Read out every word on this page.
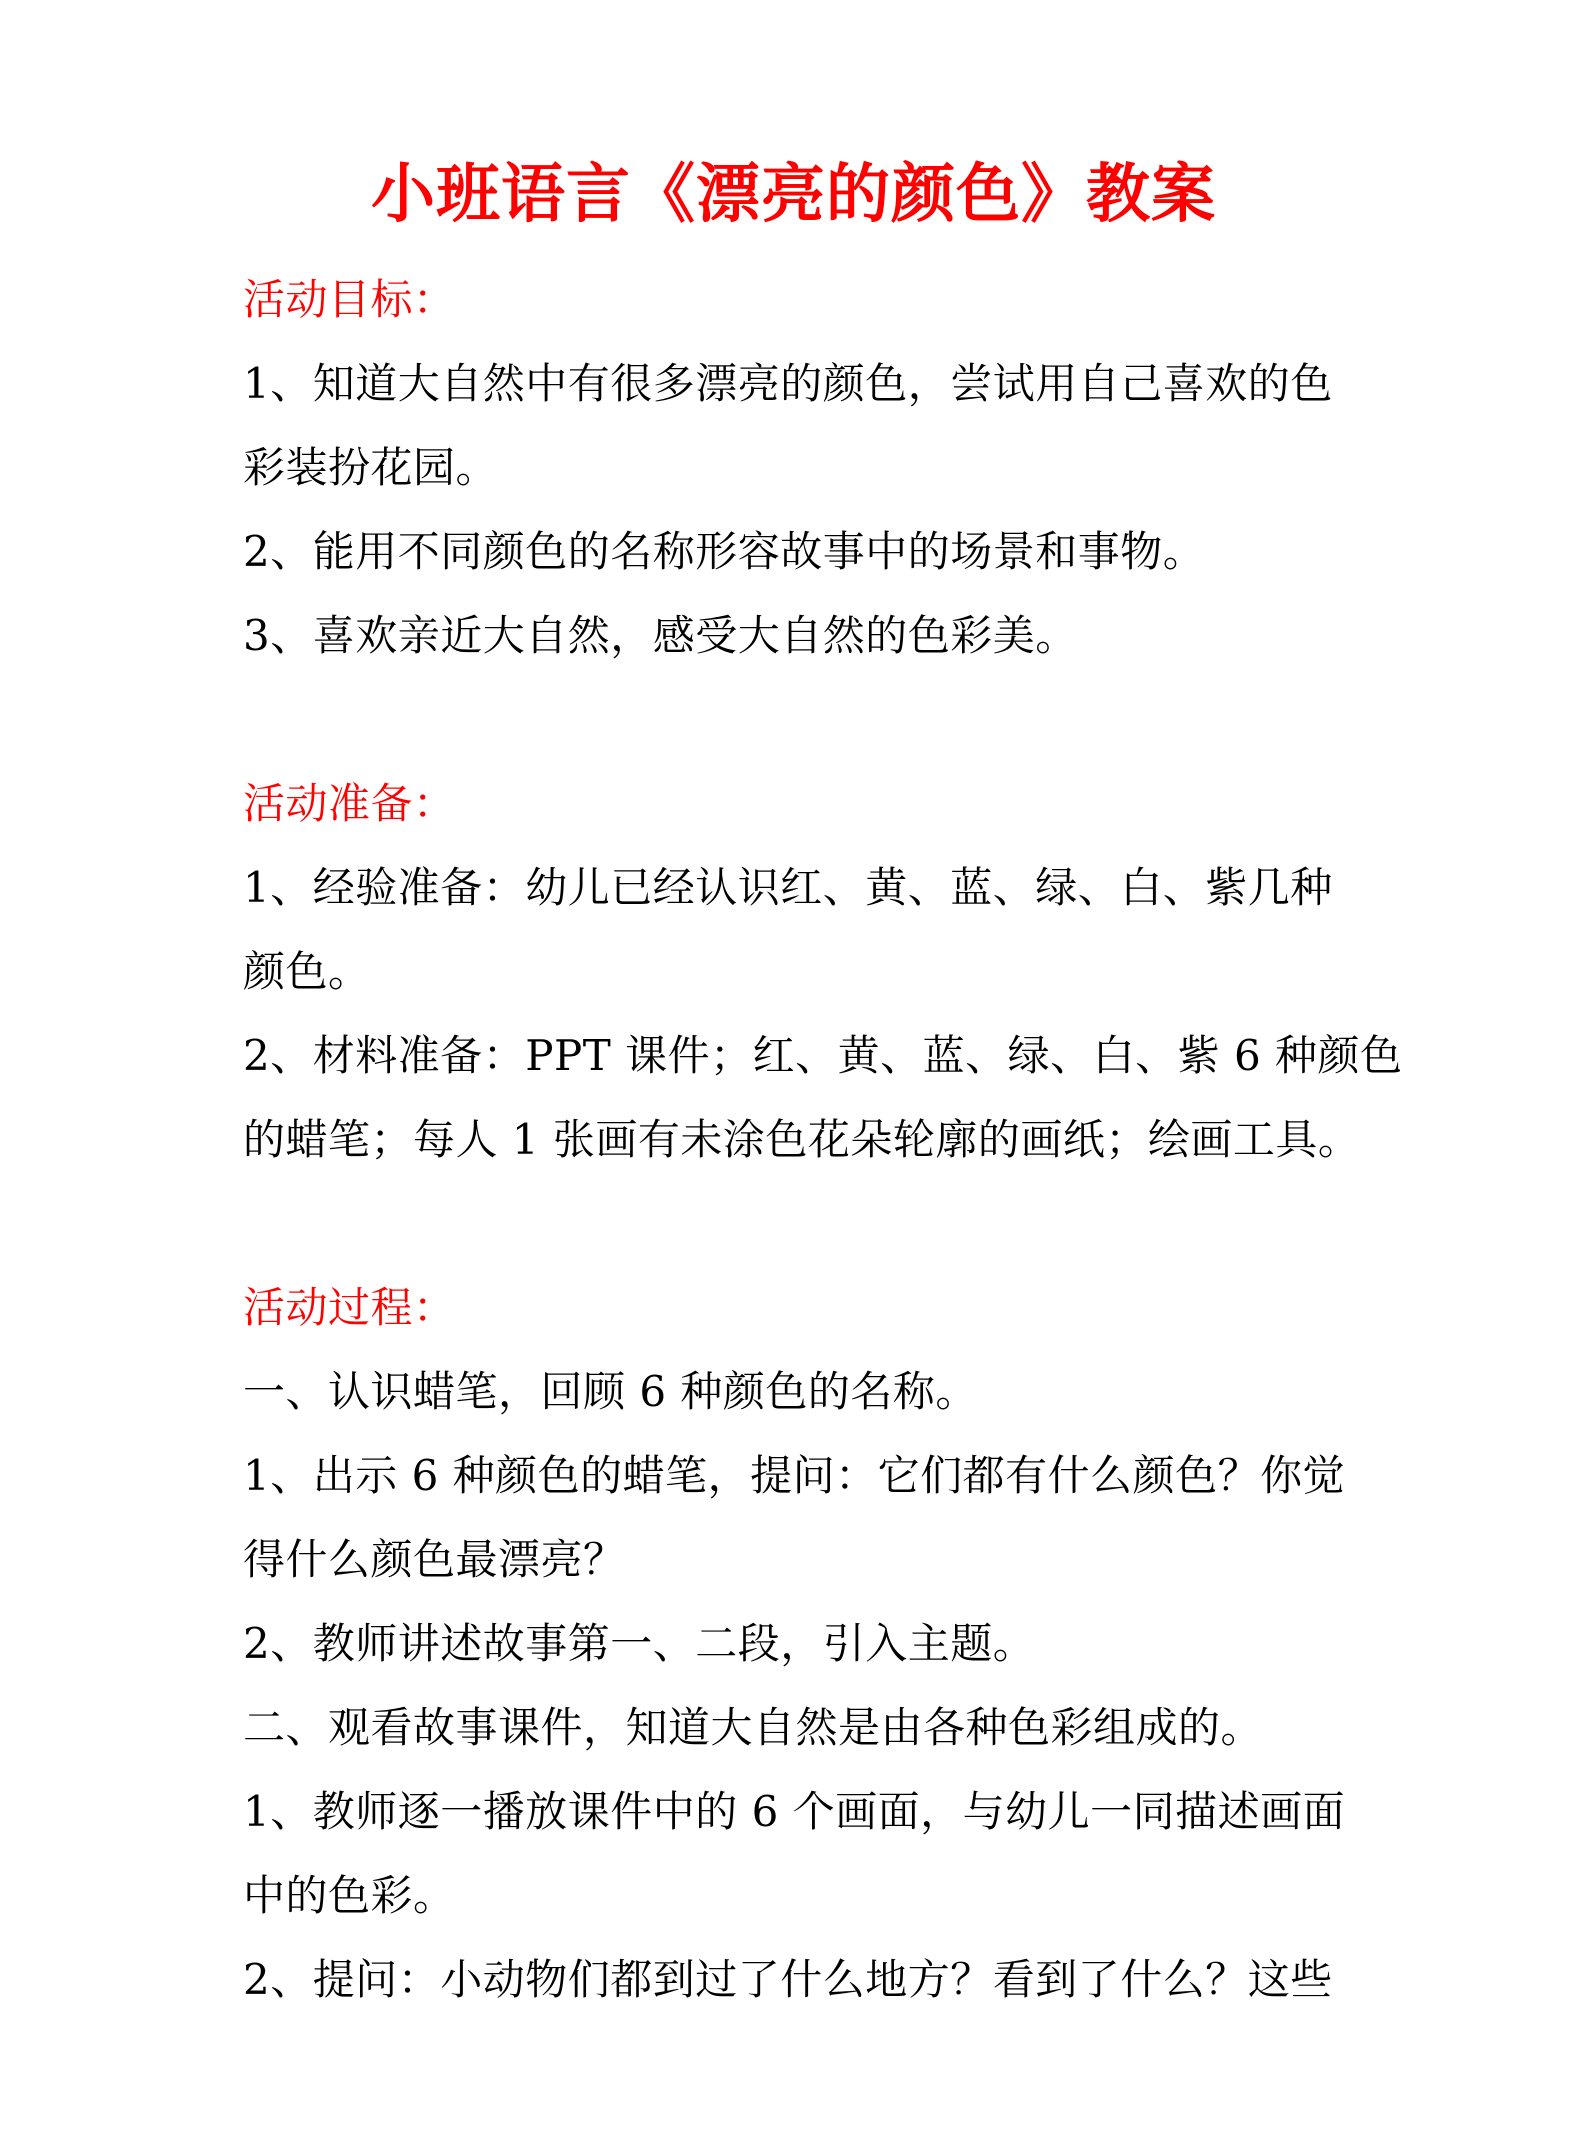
小班语言《漂亮的颜色》教案
活动目标：
1、知道大自然中有很多漂亮的颜色，尝试用自己喜欢的色
彩装扮花园。
2、能用不同颜色的名称形容故事中的场景和事物。
3、喜欢亲近大自然，感受大自然的色彩美。
活动准备：
1、经验准备：幼儿已经认识红、黄、蓝、绿、白、紫几种
颜色。
2、材料准备：PPT 课件；红、黄、蓝、绿、白、紫 6 种颜色
的蜡笔；每人 1 张画有未涂色花朵轮廓的画纸；绘画工具。
活动过程：
一、认识蜡笔，回顾 6 种颜色的名称。
1、出示 6 种颜色的蜡笔，提问：它们都有什么颜色？你觉
得什么颜色最漂亮？
2、教师讲述故事第一、二段，引入主题。
二、观看故事课件，知道大自然是由各种色彩组成的。
1、教师逐一播放课件中的 6 个画面，与幼儿一同描述画面
中的色彩。
2、提问：小动物们都到过了什么地方？看到了什么？这些
